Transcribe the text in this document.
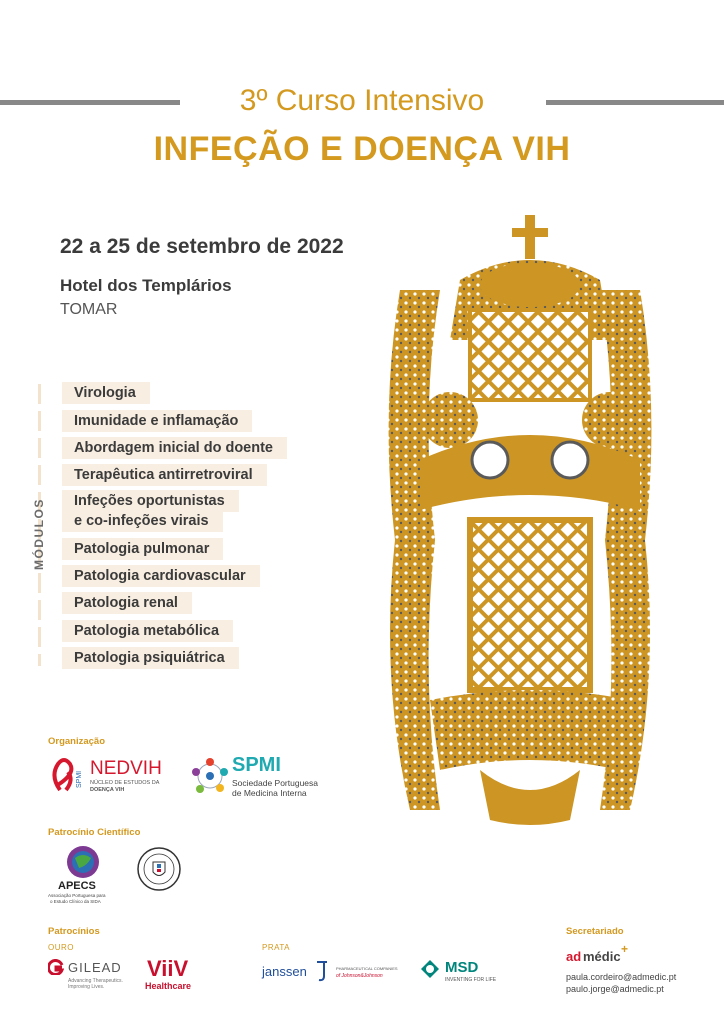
3º Curso Intensivo
INFEÇÃO E DOENÇA VIH
22 a 25 de setembro de 2022
Hotel dos Templários
TOMAR
MÓDULOS
Virologia
Imunidade e inflamação
Abordagem inicial do doente
Terapêutica antirretroviral
Infeções oportunistas
e co-infeções virais
Patologia pulmonar
Patologia cardiovascular
Patologia renal
Patologia metabólica
Patologia psiquiátrica
Organização
SPMI
NEDVIH
NÚCLEO DE ESTUDOS DA
DOENÇA VIH
SPMI
Sociedade Portuguesa
de Medicina Interna
Patrocínio Científico
APECS
Associação Portuguesa para
o Estudo Clínico da SIDA
Patrocínios
OURO	PRATA
GILEAD
Advancing Therapeutics.
Improving Lives.
ViiV
Healthcare
janssen	PHARMACEUTICAL COMPANIES
of Johnson&Johnson	MSD
INVENTING FOR LIFE
Secretariado
ad médic +
paula.cordeiro@admedic.pt
paulo.jorge@admedic.pt
